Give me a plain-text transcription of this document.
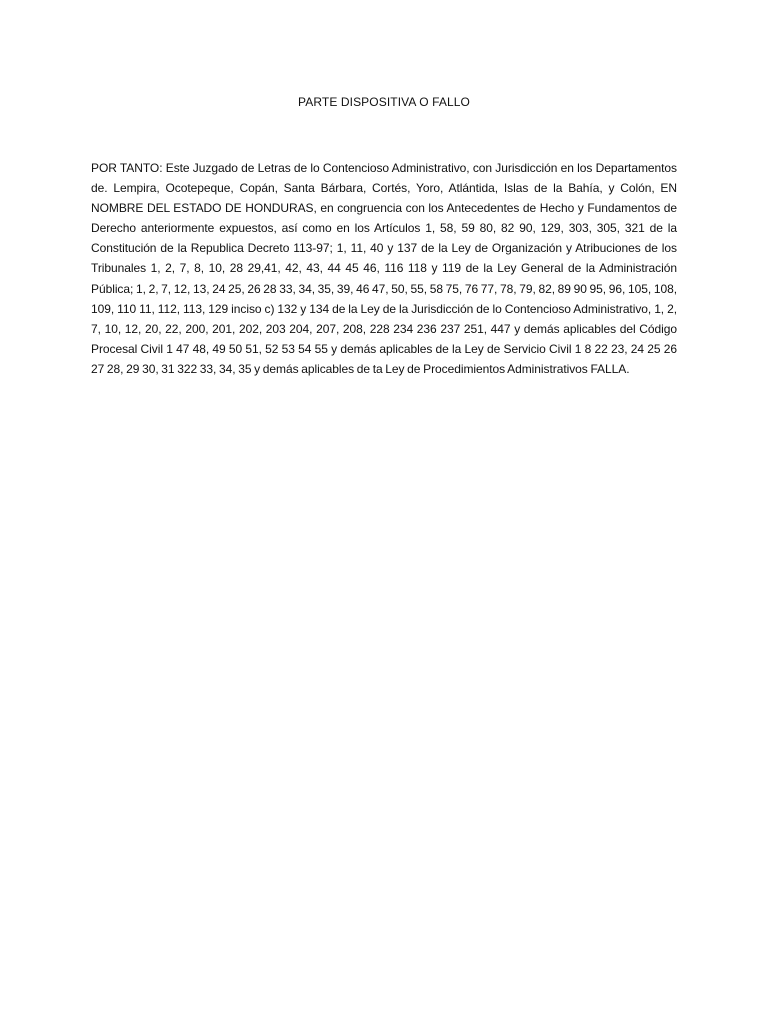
PARTE DISPOSITIVA O FALLO
POR TANTO: Este Juzgado de Letras de lo Contencioso Administrativo, con Jurisdicción en los Departamentos de. Lempira, Ocotepeque, Copán, Santa Bárbara, Cortés, Yoro, Atlántida, Islas de la Bahía, y Colón, EN NOMBRE DEL ESTADO DE HONDURAS, en congruencia con los Antecedentes de Hecho y Fundamentos de Derecho anteriormente expuestos, así como en los Artículos 1, 58, 59 80, 82 90, 129, 303, 305, 321 de la Constitución de la Republica Decreto 113-97; 1, 11, 40 y 137 de la Ley de Organización y Atribuciones de los Tribunales 1, 2, 7, 8, 10, 28 29,41, 42, 43, 44 45 46, 116 118 y 119 de la Ley General de la Administración Pública; 1, 2, 7, 12, 13, 24 25, 26 28 33, 34, 35, 39, 46 47, 50, 55, 58 75, 76 77, 78, 79, 82, 89 90 95, 96, 105, 108, 109, 110 11, 112, 113, 129 inciso c) 132 y 134 de la Ley de la Jurisdicción de lo Contencioso Administrativo, 1, 2, 7, 10, 12, 20, 22, 200, 201, 202, 203 204, 207, 208, 228 234 236 237 251, 447 y demás aplicables del Código Procesal Civil 1 47 48, 49 50 51, 52 53 54 55 y demás aplicables de la Ley de Servicio Civil 1 8 22 23, 24 25 26 27 28, 29 30, 31 322 33, 34, 35 y demás aplicables de ta Ley de Procedimientos Administrativos FALLA.
